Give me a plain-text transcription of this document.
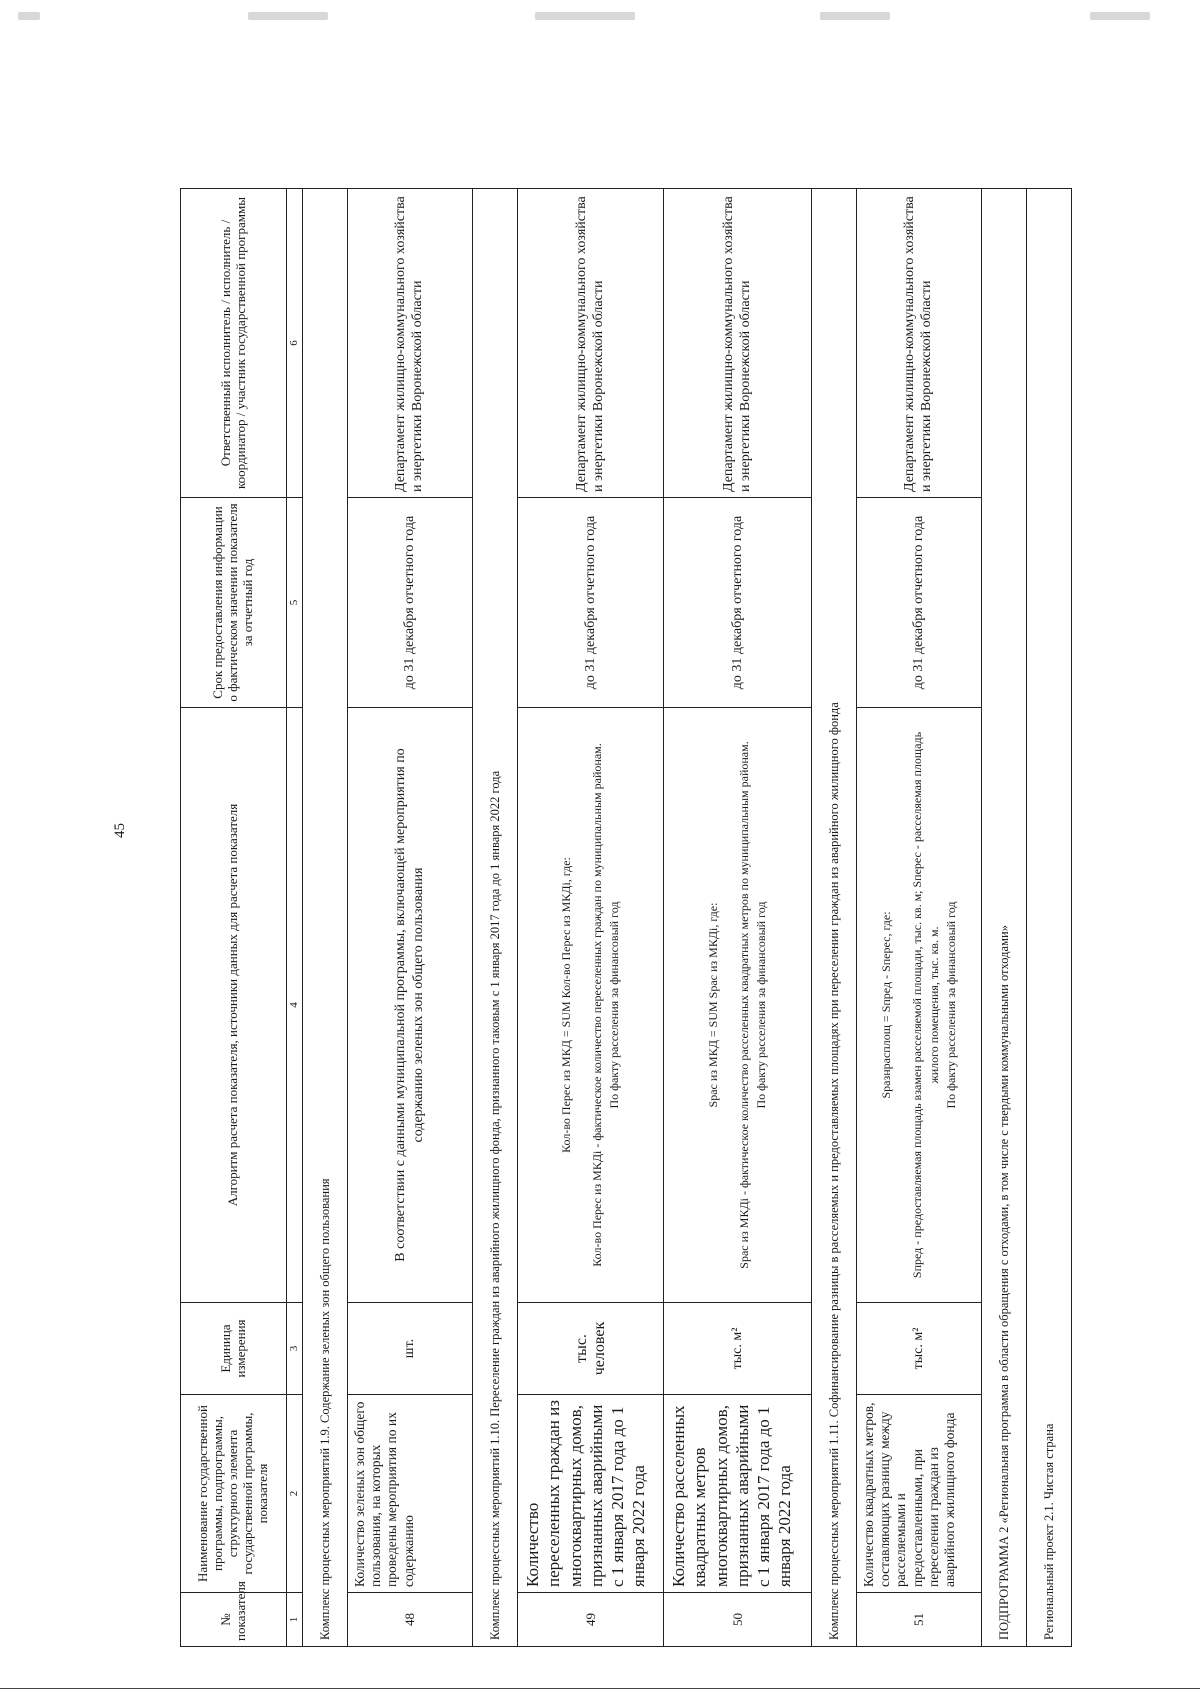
45
№ показателя	Наименование государственной программы, подпрограммы, структурного элемента государственной программы, показателя	Единица измерения	Алгоритм расчета показателя, источники данных для расчета показателя	Срок предоставления информации о фактическом значении показателя за отчетный год	Ответственный исполнитель / исполнитель / координатор / участник государственной программы
1	2	3	4	5	6
Комплекс процессных мероприятий 1.9. Содержание зеленых зон общего пользования					
48	Количество зеленых зон общего пользования, на которых проведены мероприятия по их содержанию	шт.	В соответствии с данными муниципальной программы, включающей мероприятия по содержанию зеленых зон общего пользования	до 31 декабря отчетного года	Департамент жилищно-коммунального хозяйства и энергетики Воронежской области
Комплекс процессных мероприятий 1.10. Переселение граждан из аварийного жилищного фонда, признанного таковым с 1 января 2017 года до 1 января 2022 года					
49	Количество переселенных граждан из многоквартирных домов, признанных аварийными с 1 января 2017 года до 1 января 2022 года	тыс. человек	Кол-во Перес из МКД = SUM Кол-во Перес из МКДi, где: Кол-во Перес из МКДi - фактическое количество переселенных граждан по муниципальным районам. По факту расселения за финансовый год	до 31 декабря отчетного года	Департамент жилищно-коммунального хозяйства и энергетики Воронежской области
50	Количество расселенных квадратных метров многоквартирных домов, признанных аварийными с 1 января 2017 года до 1 января 2022 года	тыс. м²	Sрас из МКД = SUM Sрас из МКДi, где: Sрас из МКДi - фактическое количество расселенных квадратных метров по муниципальным районам. По факту расселения за финансовый год	до 31 декабря отчетного года	Департамент жилищно-коммунального хозяйства и энергетики Воронежской области
Комплекс процессных мероприятий 1.11. Софинансирование разницы в расселяемых и предоставляемых площадях при переселении граждан из аварийного жилищного фонда					
51	Количество квадратных метров, составляющих разницу между расселяемыми и предоставленными, при переселении граждан из аварийного жилищного фонда	тыс. м²	Sразнрасплощ = Sпред - Sперес, где: Sпред - предоставляемая площадь взамен расселяемой площади, тыс. кв. м; Sперес - расселяемая площадь жилого помещения, тыс. кв. м. По факту расселения за финансовый год	до 31 декабря отчетного года	Департамент жилищно-коммунального хозяйства и энергетики Воронежской области
ПОДПРОГРАММА 2 «Региональная программа в области обращения с отходами, в том числе с твердыми коммунальными отходами»					
Региональный проект 2.1. Чистая страна					
